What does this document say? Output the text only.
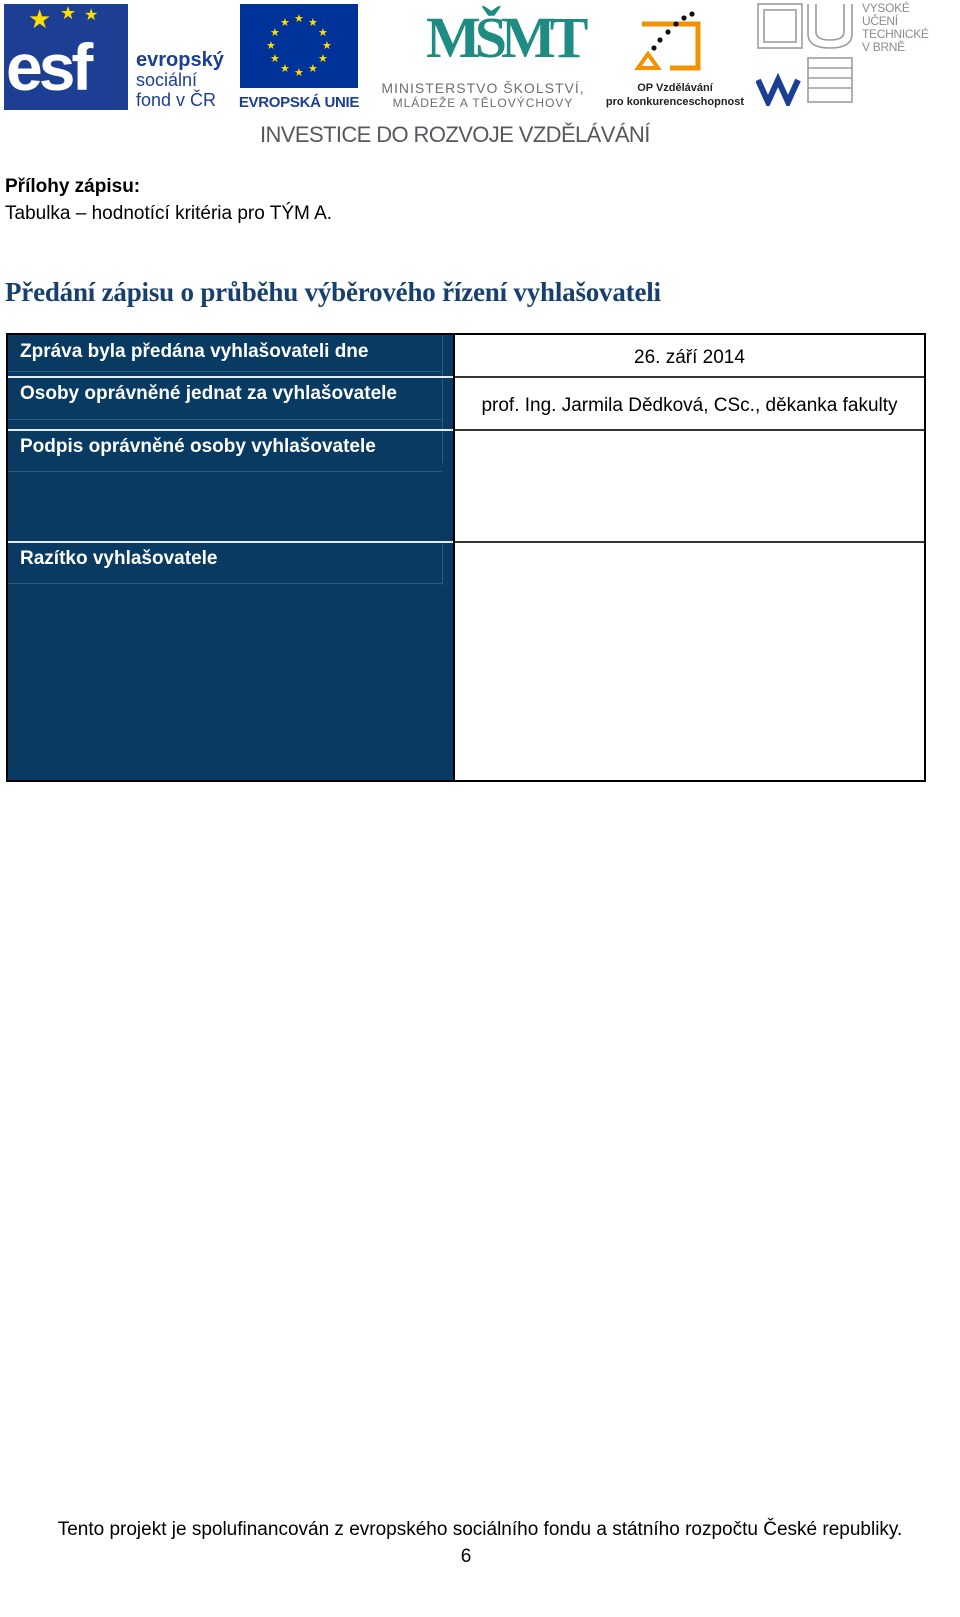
★ ★ ★
esf evropský
sociální
fond v ČR
★ ★
★
★
★
★
★
★
★
★
★
★
EVROPSKÁ UNIE
MŠMT
MINISTERSTVO ŠKOLSTVÍ,
MLÁDEŽE A TĚLOVÝCHOVY
OP Vzdělávání
pro konkurenceschopnost
VYSOKÉ
UČENÍ
TECHNICKÉ
V BRNĚ
INVESTICE DO ROZVOJE VZDĚLÁVÁNÍ
Přílohy zápisu:
Tabulka – hodnotící kritéria pro TÝM A.
Předání zápisu o průběhu výběrového řízení vyhlašovateli
Zpráva byla předána vyhlašovateli dne
Osoby oprávněné jednat za vyhlašovatele
Podpis oprávněné osoby vyhlašovatele
Razítko vyhlašovatele
26. září 2014
prof. Ing. Jarmila Dědková, CSc., děkanka fakulty
Tento projekt je spolufinancován z evropského sociálního fondu a státního rozpočtu České republiky.
6
